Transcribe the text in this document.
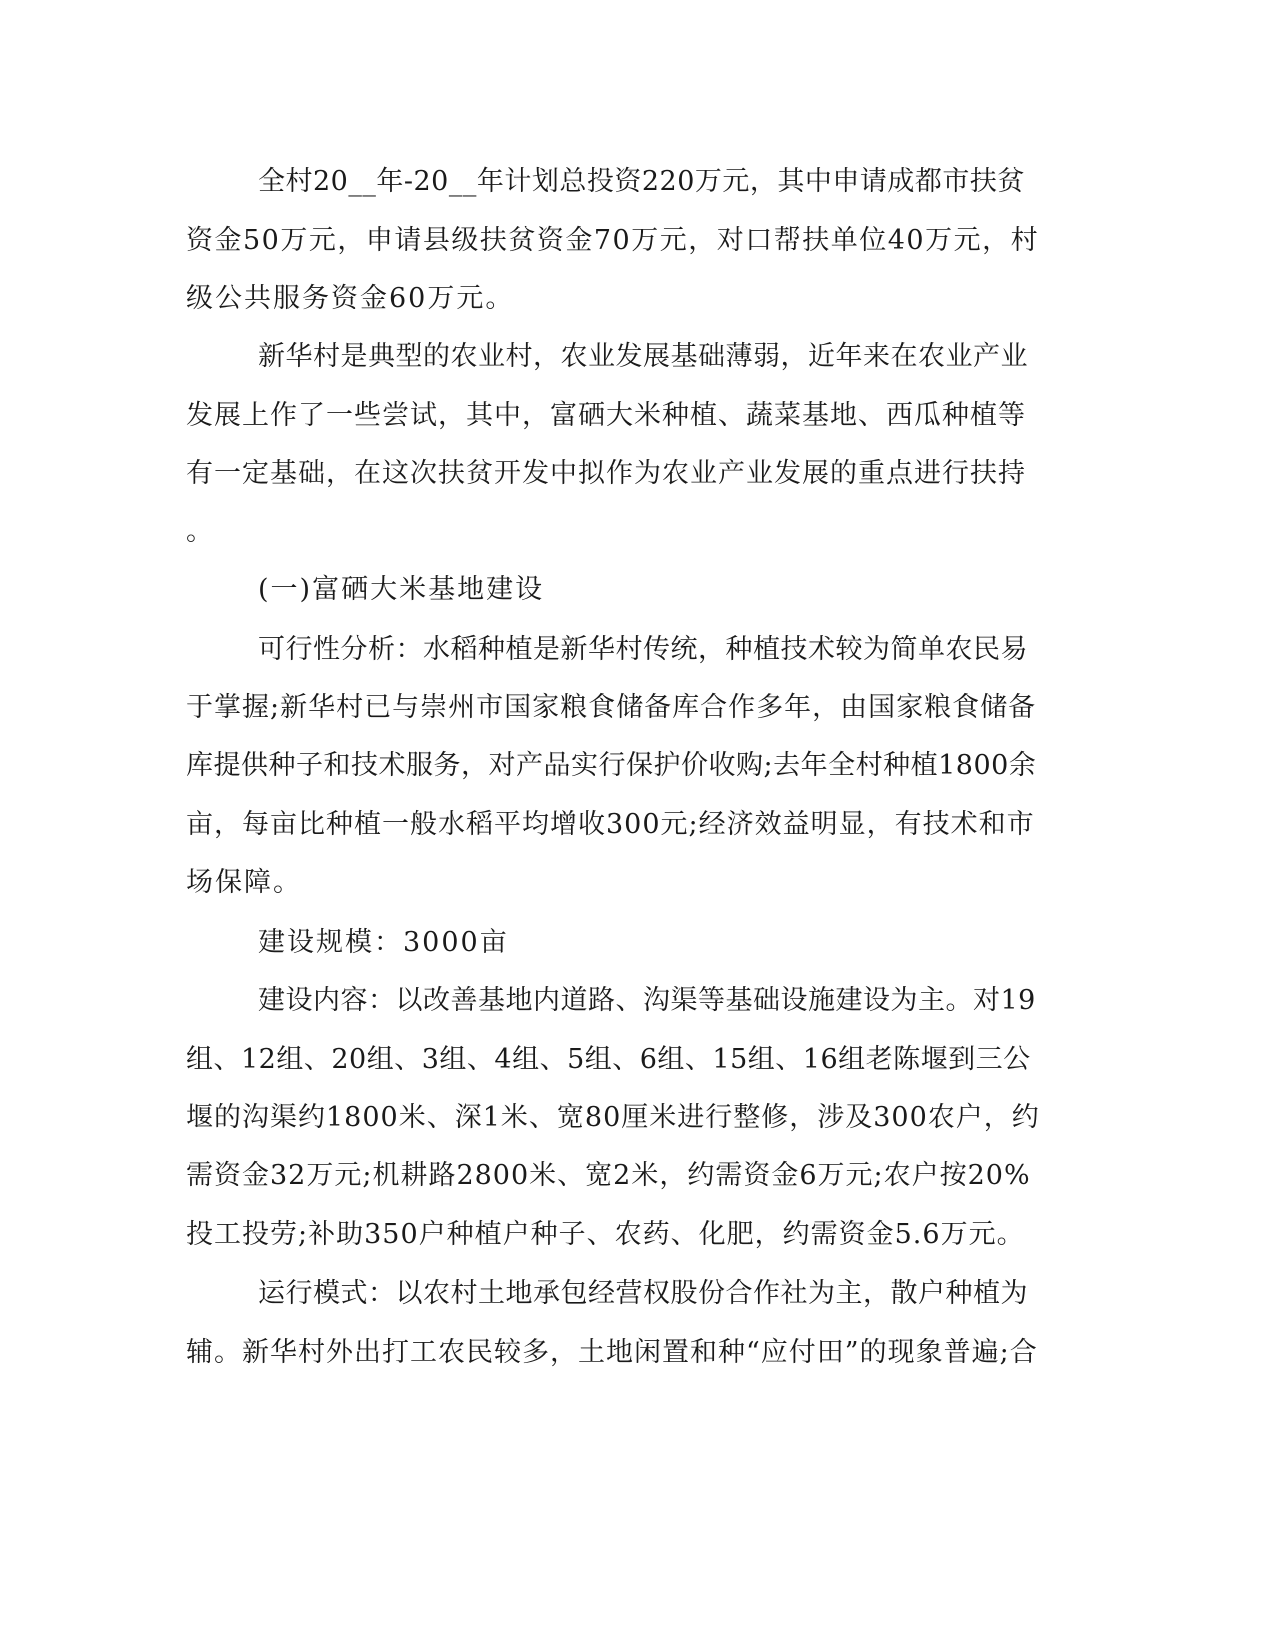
全村20__年-20__年计划总投资220万元，其中申请成都市扶贫
资金50万元，申请县级扶贫资金70万元，对口帮扶单位40万元，村
级公共服务资金60万元。
新华村是典型的农业村，农业发展基础薄弱，近年来在农业产业
发展上作了一些尝试，其中，富硒大米种植、蔬菜基地、西瓜种植等
有一定基础，在这次扶贫开发中拟作为农业产业发展的重点进行扶持
。
(一)富硒大米基地建设
可行性分析：水稻种植是新华村传统，种植技术较为简单农民易
于掌握;新华村已与崇州市国家粮食储备库合作多年，由国家粮食储备
库提供种子和技术服务，对产品实行保护价收购;去年全村种植1800余
亩，每亩比种植一般水稻平均增收300元;经济效益明显，有技术和市
场保障。
建设规模：3000亩
建设内容：以改善基地内道路、沟渠等基础设施建设为主。对19
组、12组、20组、3组、4组、5组、6组、15组、16组老陈堰到三公
堰的沟渠约1800米、深1米、宽80厘米进行整修，涉及300农户，约
需资金32万元;机耕路2800米、宽2米，约需资金6万元;农户按20%
投工投劳;补助350户种植户种子、农药、化肥，约需资金5.6万元。
运行模式：以农村土地承包经营权股份合作社为主，散户种植为
辅。新华村外出打工农民较多，土地闲置和种“应付田”的现象普遍;合
